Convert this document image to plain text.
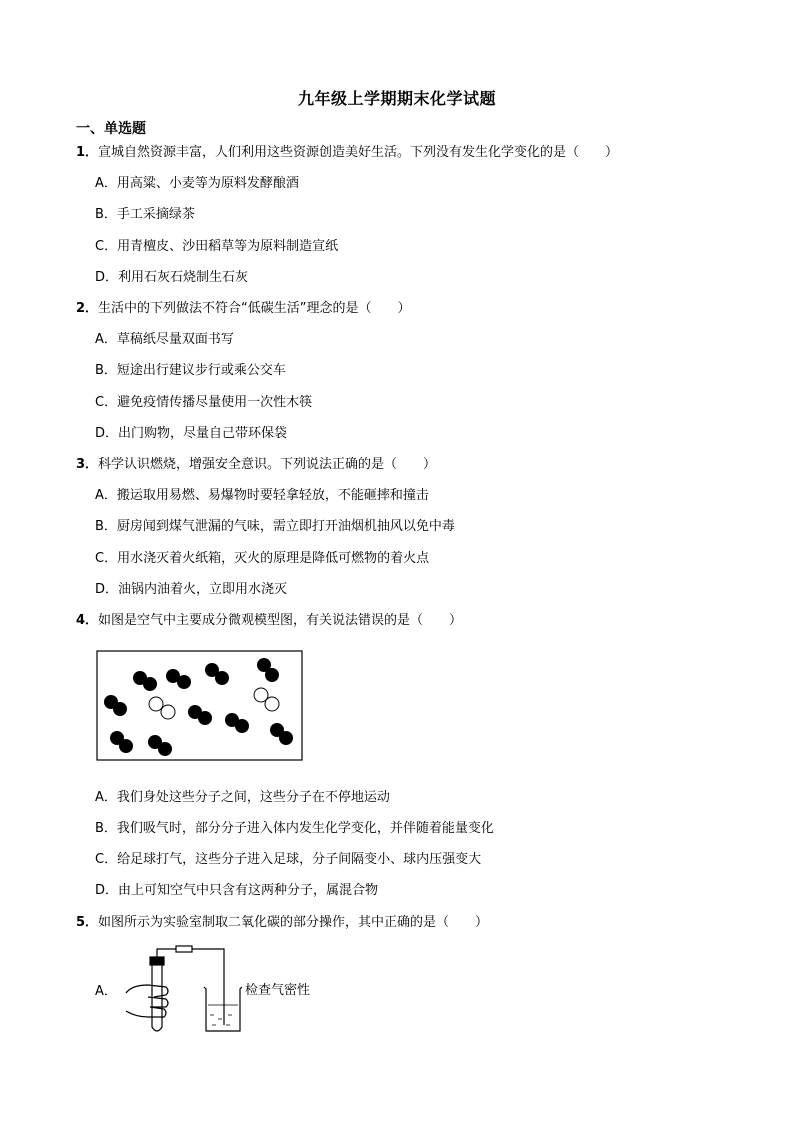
九年级上学期期末化学试题
一、单选题
1．宣城自然资源丰富，人们利用这些资源创造美好生活。下列没有发生化学变化的是（　　）
A．用高粱、小麦等为原料发酵酿酒
B．手工采摘绿茶
C．用青檀皮、沙田稻草等为原料制造宣纸
D．利用石灰石烧制生石灰
2．生活中的下列做法不符合“低碳生活”理念的是（　　）
A．草稿纸尽量双面书写
B．短途出行建议步行或乘公交车
C．避免疫情传播尽量使用一次性木筷
D．出门购物，尽量自己带环保袋
3．科学认识燃烧，增强安全意识。下列说法正确的是（　　）
A．搬运取用易燃、易爆物时要轻拿轻放，不能砸摔和撞击
B．厨房闻到煤气泄漏的气味，需立即打开油烟机抽风以免中毒
C．用水浇灭着火纸箱，灭火的原理是降低可燃物的着火点
D．油锅内油着火，立即用水浇灭
4．如图是空气中主要成分微观模型图，有关说法错误的是（　　）
A．我们身处这些分子之间，这些分子在不停地运动
B．我们吸气时，部分分子进入体内发生化学变化，并伴随着能量变化
C．给足球打气，这些分子进入足球，分子间隔变小、球内压强变大
D．由上可知空气中只含有这两种分子，属混合物
5．如图所示为实验室制取二氧化碳的部分操作，其中正确的是（　　）
A．	检查气密性
